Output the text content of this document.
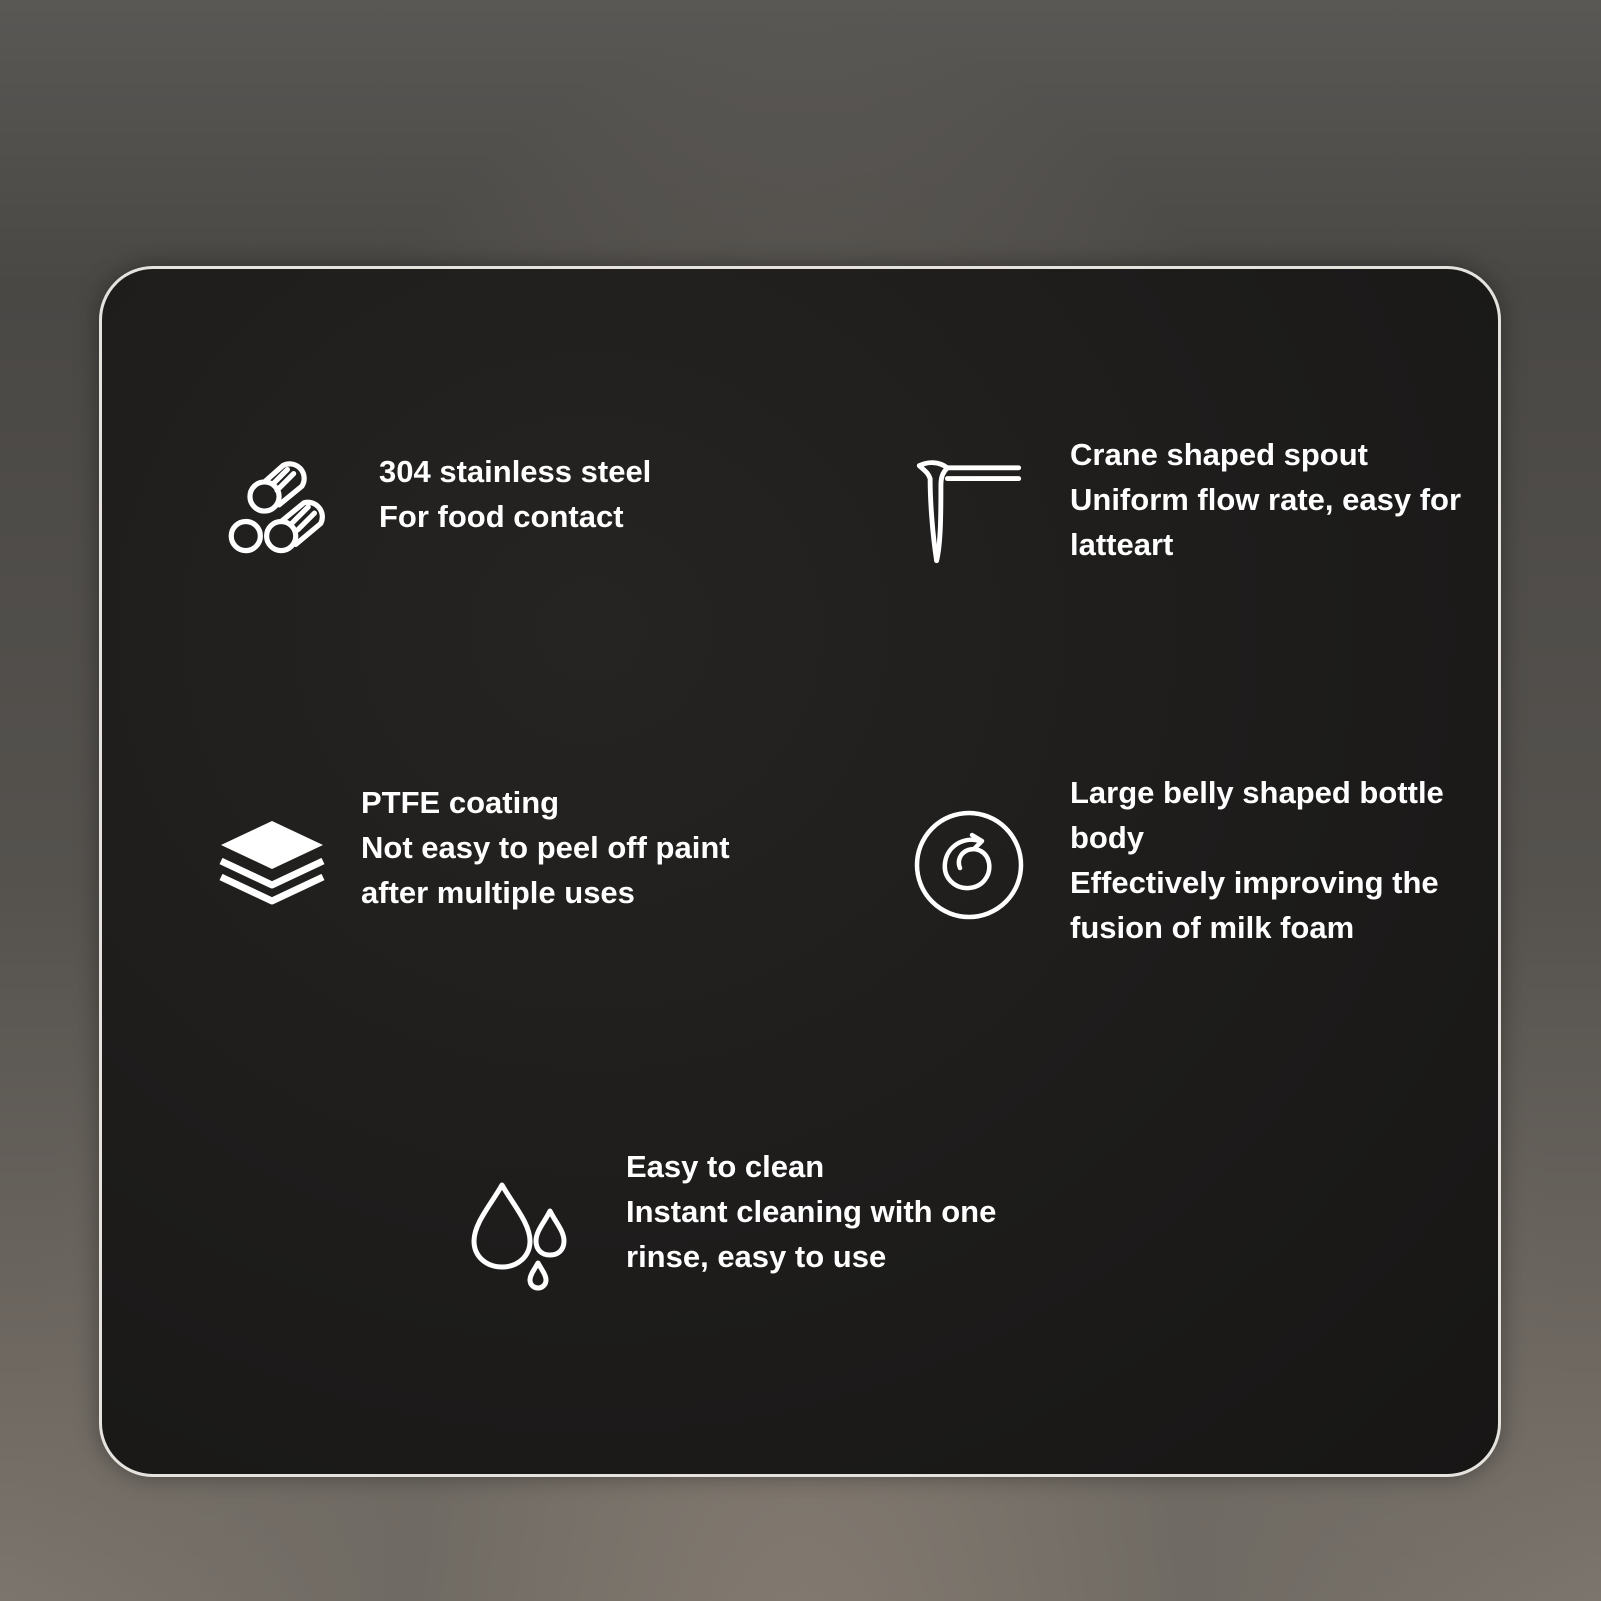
304 stainless steel
For food contact
Crane shaped spout
Uniform flow rate, easy for
latteart
PTFE coating
Not easy to peel off paint
after multiple uses
Large belly shaped bottle
body
Effectively improving the
fusion of milk foam
Easy to clean
Instant cleaning with one
rinse, easy to use
